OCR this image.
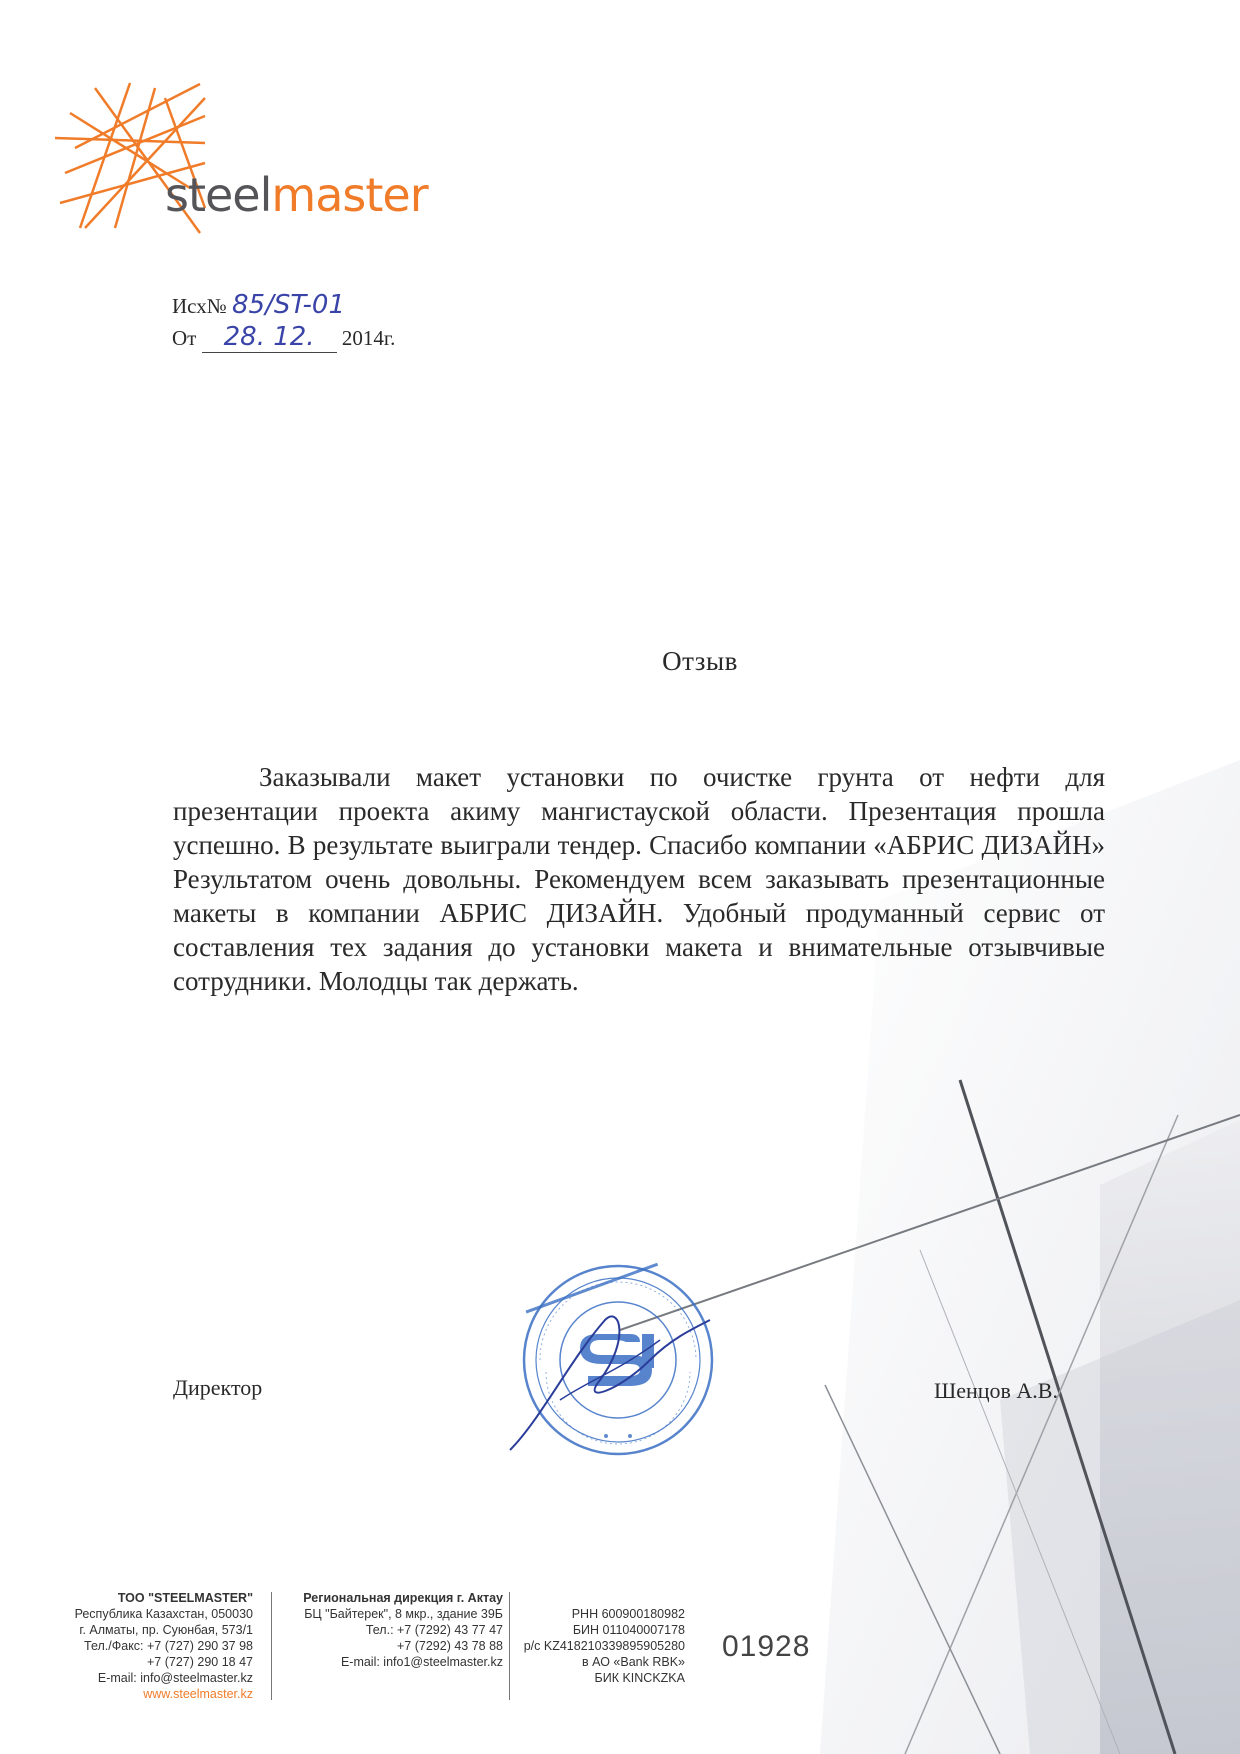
steelmaster
Исх№ 85/ST-01
От 28. 12. 2014г.
Отзыв
Заказывали макет установки по очистке грунта от нефти для презентации проекта акиму мангистауской области. Презентация прошла успешно. В результате выиграли тендер. Спасибо компании «АБРИС ДИЗАЙН» Результатом очень довольны. Рекомендуем всем заказывать презентационные макеты в компании АБРИС ДИЗАЙН. Удобный продуманный сервис от составления тех задания до установки макета и внимательные отзывчивые сотрудники. Молодцы так держать.
Директор	Шенцов А.В.
ТОО "STEELMASTER"
Республика Казахстан, 050030
г. Алматы, пр. Суюнбая, 573/1
Тел./Факс: +7 (727) 290 37 98
+7 (727) 290 18 47
E-mail: info@steelmaster.kz
www.steelmaster.kz
Региональная дирекция г. Актау
БЦ "Байтерек", 8 мкр., здание 39Б
Тел.: +7 (7292) 43 77 47
+7 (7292) 43 78 88
E-mail: info1@steelmaster.kz
РНН 600900180982
БИН 011040007178
р/с KZ418210339895905280
в АО «Bank RBK»
БИК KINCKZKA
01928
